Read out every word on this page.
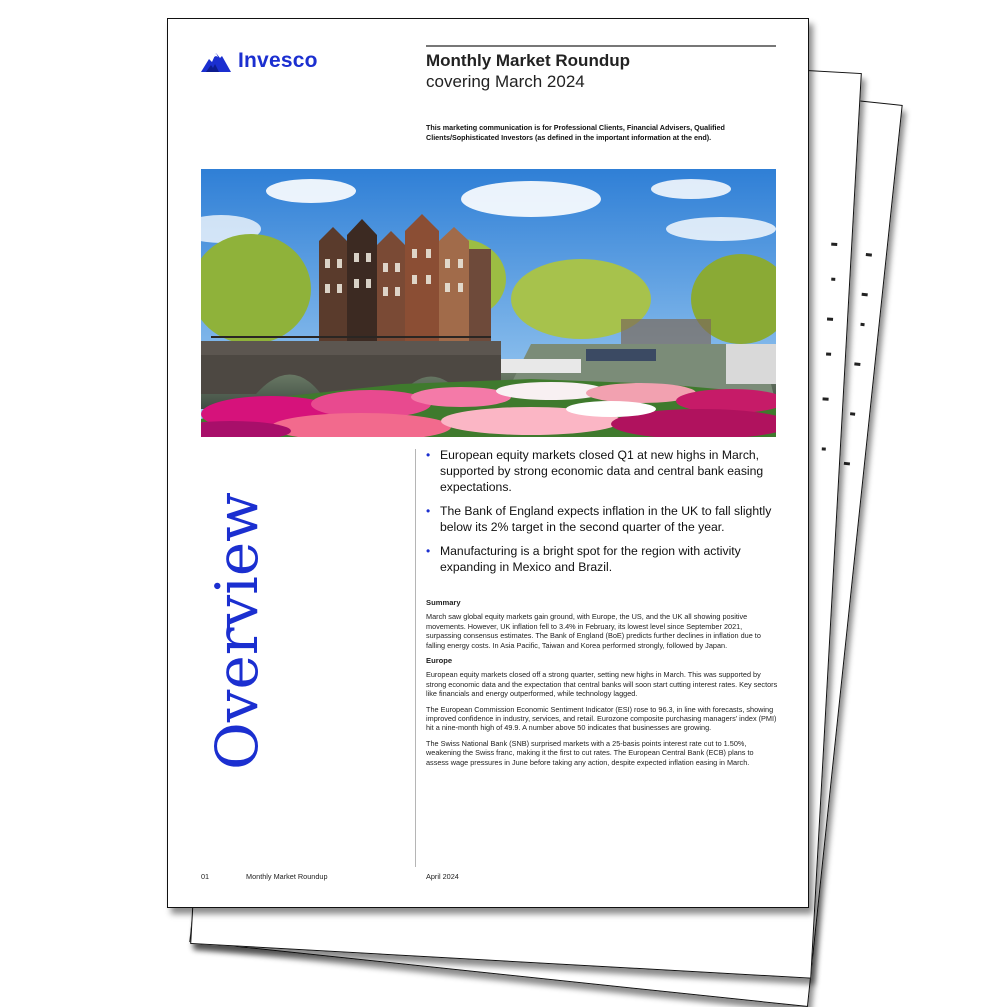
Invesco	Monthly Market Roundup
covering March 2024
This marketing communication is for Professional Clients, Financial Advisers, Qualified Clients/Sophisticated Investors (as defined in the important information at the end).
Overview
• European equity markets closed Q1 at new highs in March, supported by strong economic data and central bank easing expectations.
• The Bank of England expects inflation in the UK to fall slightly below its 2% target in the second quarter of the year.
• Manufacturing is a bright spot for the region with activity expanding in Mexico and Brazil.
Summary

March saw global equity markets gain ground, with Europe, the US, and the UK all showing positive movements. However, UK inflation fell to 3.4% in February, its lowest level since September 2021, surpassing consensus estimates. The Bank of England (BoE) predicts further declines in inflation due to falling energy costs. In Asia Pacific, Taiwan and Korea performed strongly, followed by Japan.

Europe

European equity markets closed off a strong quarter, setting new highs in March. This was supported by strong economic data and the expectation that central banks will soon start cutting interest rates. Key sectors like financials and energy outperformed, while technology lagged.

The European Commission Economic Sentiment Indicator (ESI) rose to 96.3, in line with forecasts, showing improved confidence in industry, services, and retail. Eurozone composite purchasing managers' index (PMI) hit a nine-month high of 49.9. A number above 50 indicates that businesses are growing.

The Swiss National Bank (SNB) surprised markets with a 25-basis points interest rate cut to 1.50%, weakening the Swiss franc, making it the first to cut rates. The European Central Bank (ECB) plans to assess wage pressures in June before taking any action, despite expected inflation easing in March.

01	Monthly Market Roundup	April 2024
